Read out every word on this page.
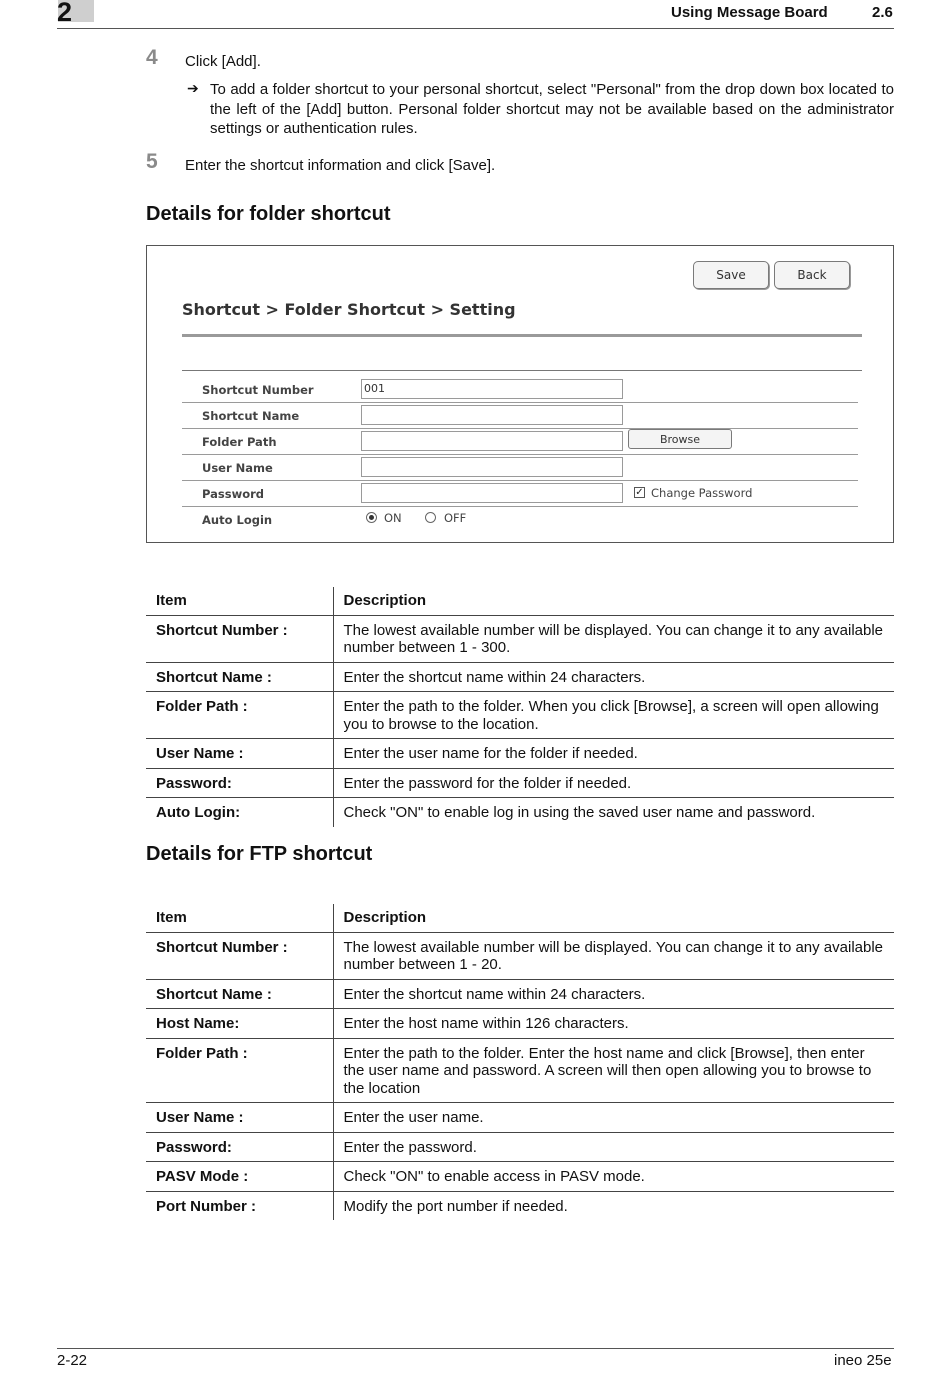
2	Using Message Board	2.6
4 Click [Add].
➔ To add a folder shortcut to your personal shortcut, select "Personal" from the drop down box located to the left of the [Add] button. Personal folder shortcut may not be available based on the administrator settings or authentication rules.
5 Enter the shortcut information and click [Save].
Details for folder shortcut
Save	Back
Shortcut > Folder Shortcut > Setting
Shortcut Number	001
Shortcut Name
Folder Path	Browse
User Name
Password	✓ Change Password
Auto Login	ON	OFF
Item	Description
Shortcut Number :	The lowest available number will be displayed. You can change it to any available number between 1 - 300.
Shortcut Name :	Enter the shortcut name within 24 characters.
Folder Path :	Enter the path to the folder. When you click [Browse], a screen will open allowing you to browse to the location.
User Name :	Enter the user name for the folder if needed.
Password:	Enter the password for the folder if needed.
Auto Login:	Check "ON" to enable log in using the saved user name and password.
Details for FTP shortcut
Item	Description
Shortcut Number :	The lowest available number will be displayed. You can change it to any available number between 1 - 20.
Shortcut Name :	Enter the shortcut name within 24 characters.
Host Name:	Enter the host name within 126 characters.
Folder Path :	Enter the path to the folder. Enter the host name and click [Browse], then enter the user name and password. A screen will then open allowing you to browse to the location
User Name :	Enter the user name.
Password:	Enter the password.
PASV Mode :	Check "ON" to enable access in PASV mode.
Port Number :	Modify the port number if needed.
2-22	ineo 25e
